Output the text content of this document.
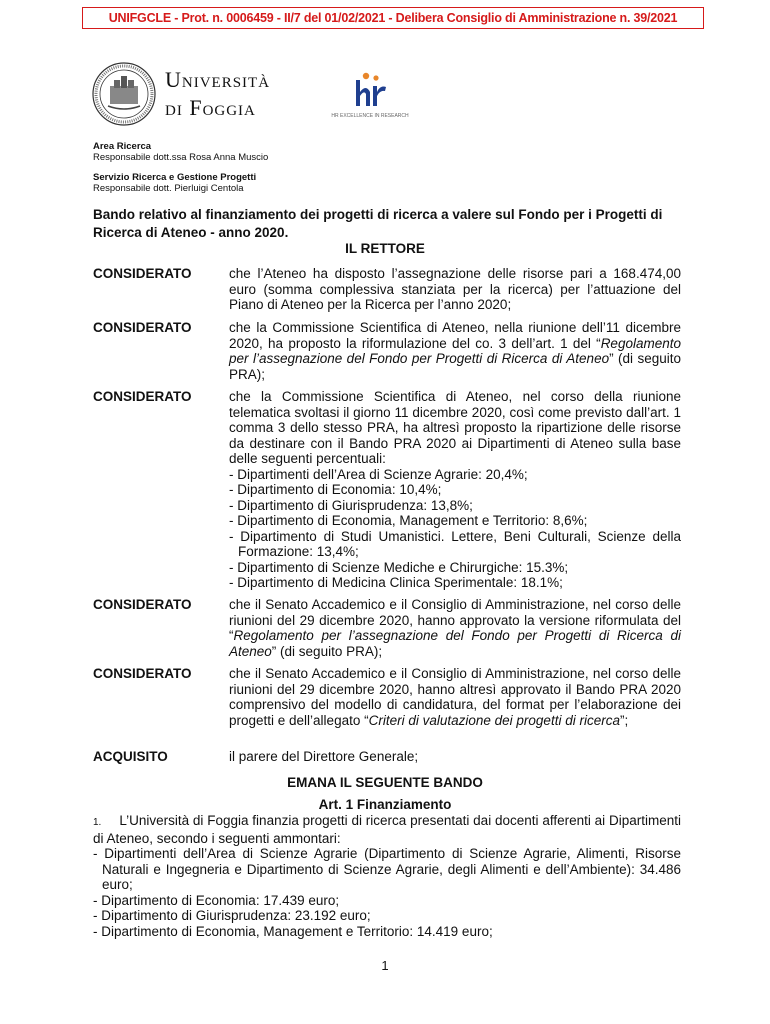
UNIFGCLE - Prot. n. 0006459 - II/7 del 01/02/2021 - Delibera Consiglio di Amministrazione n. 39/2021
Università
di Foggia	HR EXCELLENCE IN RESEARCH
Area Ricerca
Responsabile dott.ssa Rosa Anna Muscio
Servizio Ricerca e Gestione Progetti
Responsabile dott. Pierluigi Centola
Bando relativo al finanziamento dei progetti di ricerca a valere sul Fondo per i Progetti di Ricerca di Ateneo - anno 2020.
IL RETTORE
CONSIDERATO	che l’Ateneo ha disposto l’assegnazione delle risorse pari a 168.474,00 euro (somma complessiva stanziata per la ricerca) per l’attuazione del Piano di Ateneo per la Ricerca per l’anno 2020;

CONSIDERATO	che la Commissione Scientifica di Ateneo, nella riunione dell’11 dicembre 2020, ha proposto la riformulazione del co. 3 dell’art. 1 del “Regolamento per l’assegnazione del Fondo per Progetti di Ricerca di Ateneo” (di seguito PRA);

CONSIDERATO	che la Commissione Scientifica di Ateneo, nel corso della riunione telematica svoltasi il giorno 11 dicembre 2020, così come previsto dall’art. 1 comma 3 dello stesso PRA, ha altresì proposto la ripartizione delle risorse da destinare con il Bando PRA 2020 ai Dipartimenti di Ateneo sulla base delle seguenti percentuali:

- Dipartimenti dell’Area di Scienze Agrarie: 20,4%;

- Dipartimento di Economia: 10,4%;

- Dipartimento di Giurisprudenza: 13,8%;

- Dipartimento di Economia, Management e Territorio: 8,6%;

- Dipartimento di Studi Umanistici. Lettere, Beni Culturali, Scienze della

Formazione: 13,4%;

- Dipartimento di Scienze Mediche e Chirurgiche: 15.3%;

- Dipartimento di Medicina Clinica Sperimentale: 18.1%;

CONSIDERATO	che il Senato Accademico e il Consiglio di Amministrazione, nel corso delle riunioni del 29 dicembre 2020, hanno approvato la versione riformulata del “Regolamento per l’assegnazione del Fondo per Progetti di Ricerca di Ateneo” (di seguito PRA);

CONSIDERATO	che il Senato Accademico e il Consiglio di Amministrazione, nel corso delle riunioni del 29 dicembre 2020, hanno altresì approvato il Bando PRA 2020 comprensivo del modello di candidatura, del format per l’elaborazione dei progetti e dell’allegato “Criteri di valutazione dei progetti di ricerca”;

ACQUISITO	il parere del Direttore Generale;

EMANA IL SEGUENTE BANDO
Art. 1 Finanziamento

1. L’Università di Foggia finanzia progetti di ricerca presentati dai docenti afferenti ai Dipartimenti di Ateneo, secondo i seguenti ammontari:

- Dipartimenti dell’Area di Scienze Agrarie (Dipartimento di Scienze Agrarie, Alimenti, Risorse Naturali e Ingegneria e Dipartimento di Scienze Agrarie, degli Alimenti e dell’Ambiente): 34.486 euro;

- Dipartimento di Economia: 17.439 euro;

- Dipartimento di Giurisprudenza: 23.192 euro;

- Dipartimento di Economia, Management e Territorio: 14.419 euro;

1
